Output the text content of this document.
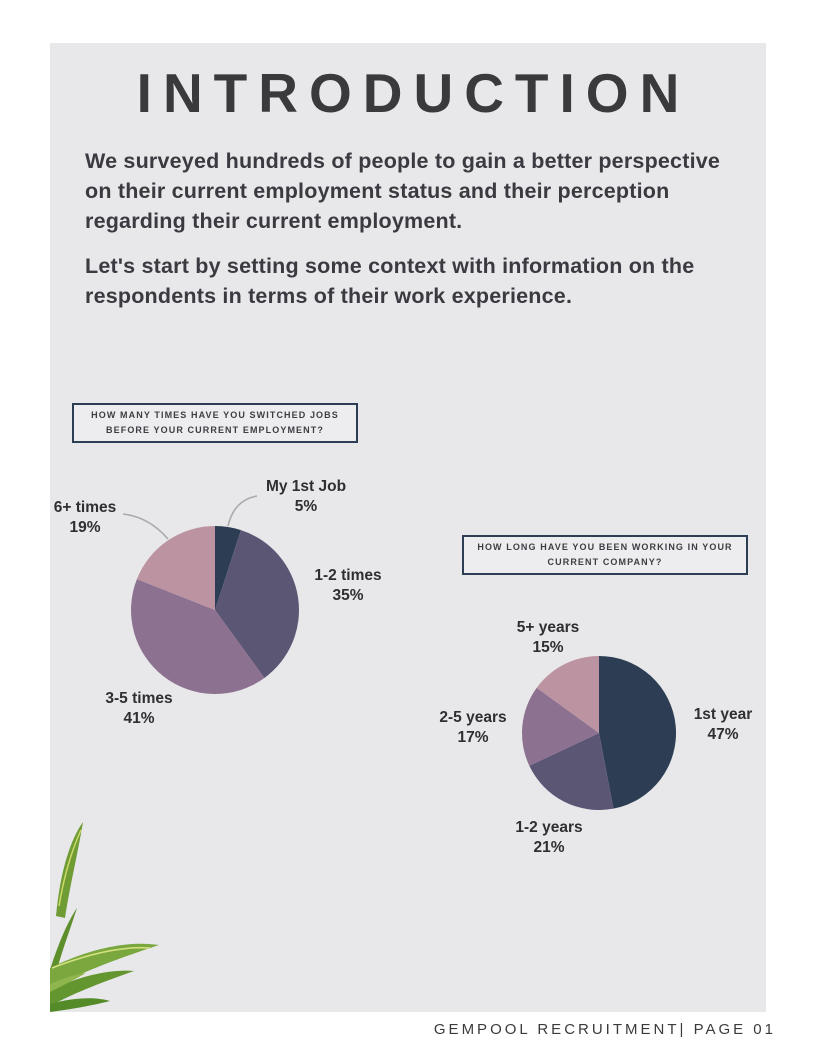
INTRODUCTION

We surveyed hundreds of people to gain a better perspective on their current employment status and their perception regarding their current employment.

Let's start by setting some context with information on the respondents in terms of their work experience.

HOW MANY TIMES HAVE YOU SWITCHED JOBS BEFORE YOUR CURRENT EMPLOYMENT?
My 1st Job
5%
1-2 times
35%
3-5 times
41%
6+ times
19%
HOW LONG HAVE YOU BEEN WORKING IN YOUR CURRENT COMPANY?
1st year
47%
1-2 years
21%
2-5 years
17%
5+ years
15%
GEMPOOL RECRUITMENT| PAGE 01
